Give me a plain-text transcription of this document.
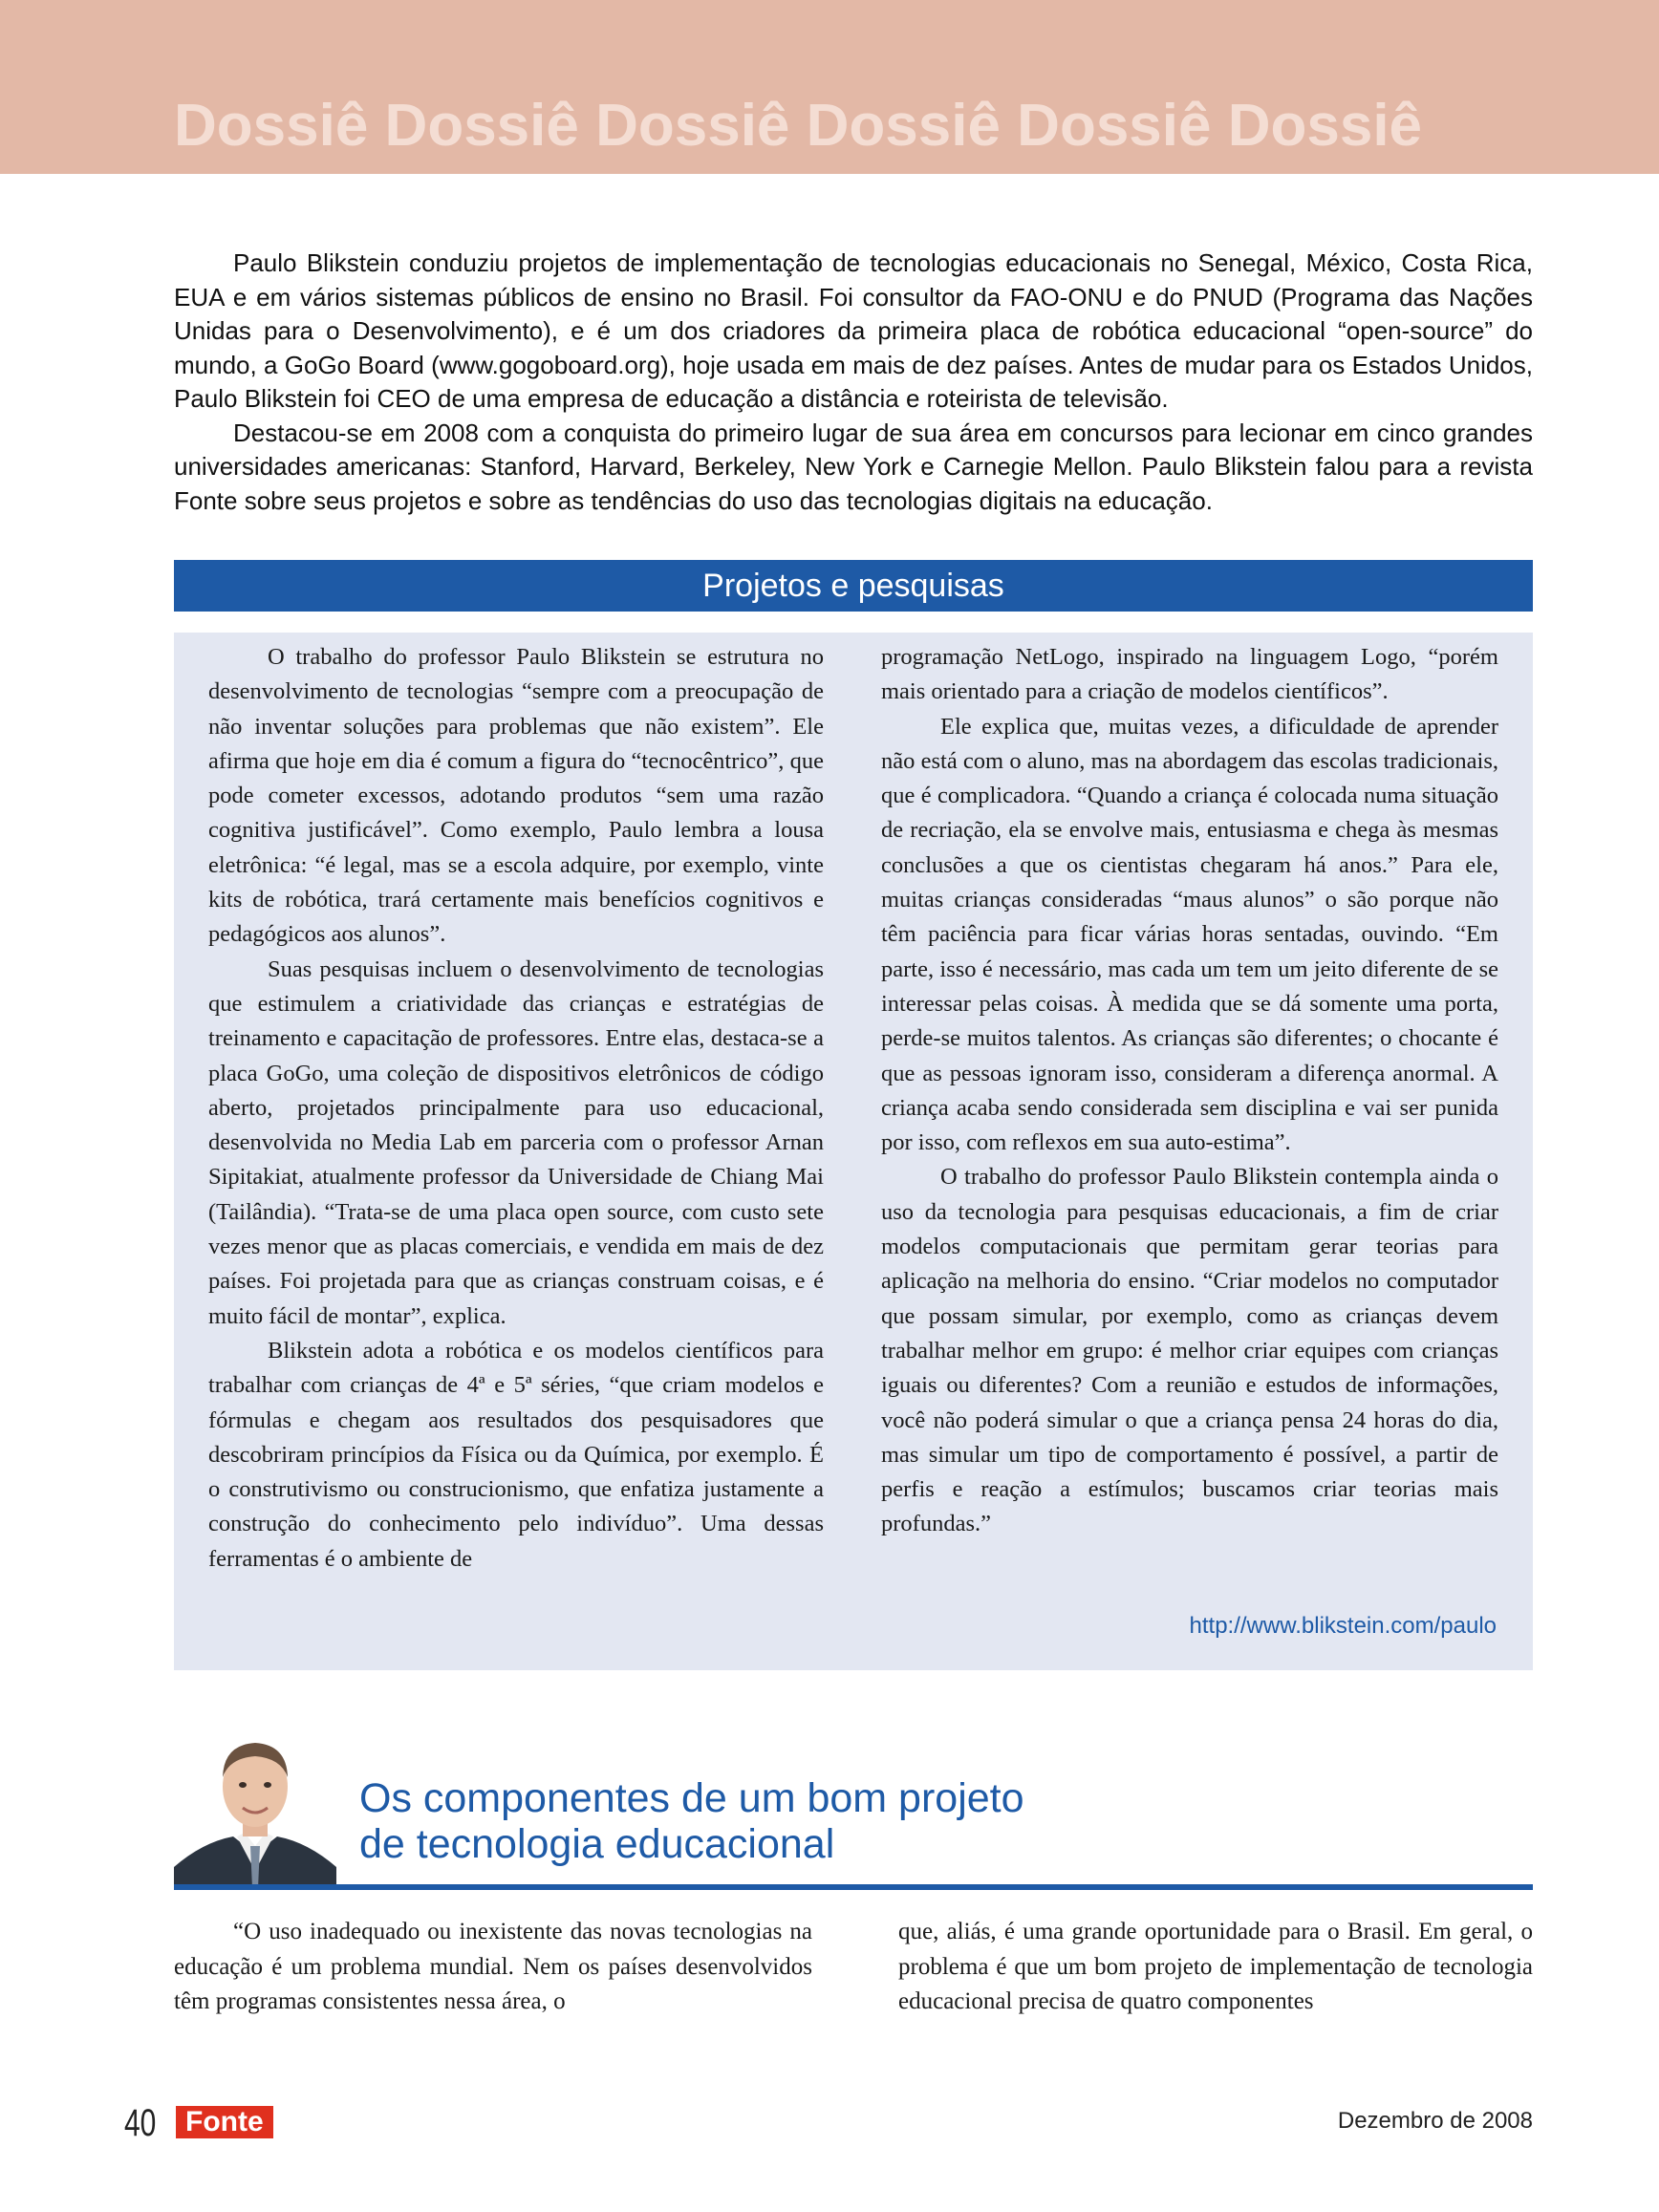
Dossiê Dossiê Dossiê Dossiê Dossiê Dossiê

Paulo Blikstein conduziu projetos de implementação de tecnologias educacionais no Senegal, México, Costa Rica, EUA e em vários sistemas públicos de ensino no Brasil. Foi consultor da FAO-ONU e do PNUD (Programa das Nações Unidas para o Desenvolvimento), e é um dos criadores da primeira placa de robótica educacional “open-source” do mundo, a GoGo Board (www.gogoboard.org), hoje usada em mais de dez países. Antes de mudar para os Estados Unidos, Paulo Blikstein foi CEO de uma empresa de educação a distância e roteirista de televisão.

Destacou-se em 2008 com a conquista do primeiro lugar de sua área em concursos para lecionar em cinco grandes universidades americanas: Stanford, Harvard, Berkeley, New York e Carnegie Mellon. Paulo Blikstein falou para a revista Fonte sobre seus projetos e sobre as tendências do uso das tecnologias digitais na educação.

Projetos e pesquisas

O trabalho do professor Paulo Blikstein se estrutura no desenvolvimento de tecnologias “sempre com a preocupação de não inventar soluções para problemas que não existem”. Ele afirma que hoje em dia é comum a figura do “tecnocêntrico”, que pode cometer excessos, adotando produtos “sem uma razão cognitiva justificável”. Como exemplo, Paulo lembra a lousa eletrônica: “é legal, mas se a escola adquire, por exemplo, vinte kits de robótica, trará certamente mais benefícios cognitivos e pedagógicos aos alunos”.

Suas pesquisas incluem o desenvolvimento de tecnologias que estimulem a criatividade das crianças e estratégias de treinamento e capacitação de professores. Entre elas, destaca-se a placa GoGo, uma coleção de dispositivos eletrônicos de código aberto, projetados principalmente para uso educacional, desenvolvida no Media Lab em parceria com o professor Arnan Sipitakiat, atualmente professor da Universidade de Chiang Mai (Tailândia). “Trata-se de uma placa open source, com custo sete vezes menor que as placas comerciais, e vendida em mais de dez países. Foi projetada para que as crianças construam coisas, e é muito fácil de montar”, explica.

Blikstein adota a robótica e os modelos científicos para trabalhar com crianças de 4ª e 5ª séries, “que criam modelos e fórmulas e chegam aos resultados dos pesquisadores que descobriram princípios da Física ou da Química, por exemplo. É o construtivismo ou construcionismo, que enfatiza justamente a construção do conhecimento pelo indivíduo”. Uma dessas ferramentas é o ambiente de

programação NetLogo, inspirado na linguagem Logo, “porém mais orientado para a criação de modelos científicos”.

Ele explica que, muitas vezes, a dificuldade de aprender não está com o aluno, mas na abordagem das escolas tradicionais, que é complicadora. “Quando a criança é colocada numa situação de recriação, ela se envolve mais, entusiasma e chega às mesmas conclusões a que os cientistas chegaram há anos.” Para ele, muitas crianças consideradas “maus alunos” o são porque não têm paciência para ficar várias horas sentadas, ouvindo. “Em parte, isso é necessário, mas cada um tem um jeito diferente de se interessar pelas coisas. À medida que se dá somente uma porta, perde-se muitos talentos. As crianças são diferentes; o chocante é que as pessoas ignoram isso, consideram a diferença anormal. A criança acaba sendo considerada sem disciplina e vai ser punida por isso, com reflexos em sua auto-estima”.

O trabalho do professor Paulo Blikstein contempla ainda o uso da tecnologia para pesquisas educacionais, a fim de criar modelos computacionais que permitam gerar teorias para aplicação na melhoria do ensino. “Criar modelos no computador que possam simular, por exemplo, como as crianças devem trabalhar melhor em grupo: é melhor criar equipes com crianças iguais ou diferentes? Com a reunião e estudos de informações, você não poderá simular o que a criança pensa 24 horas do dia, mas simular um tipo de comportamento é possível, a partir de perfis e reação a estímulos; buscamos criar teorias mais profundas.”

http://www.blikstein.com/paulo
Os componentes de um bom projeto
de tecnologia educacional

“O uso inadequado ou inexistente das novas tecnologias na educação é um problema mundial. Nem os países desenvolvidos têm programas consistentes nessa área, o

que, aliás, é uma grande oportunidade para o Brasil. Em geral, o problema é que um bom projeto de implementação de tecnologia educacional precisa de quatro componentes

40	Fonte	Dezembro de 2008
